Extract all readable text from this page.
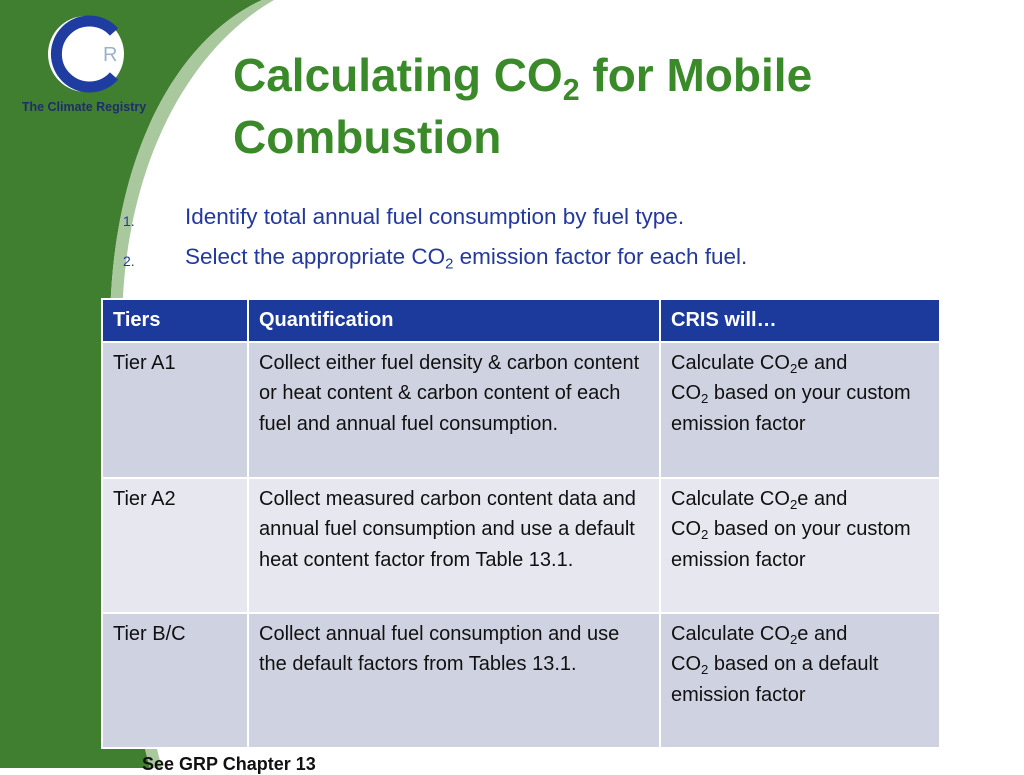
R
The Climate Registry
Calculating $CO_2$ for Mobile
Combustion
1. Identify total annual fuel consumption by fuel type.
2. Select the appropriate $CO_2$ emission factor for each fuel.
Tiers	Quantification	CRIS will…
Tier A1	Collect either fuel density & carbon content or heat content & carbon content of each fuel and annual fuel consumption.	Calculate $CO_2e$ and
$CO_2$ based on your custom emission factor
Tier A2	Collect measured carbon content data and annual fuel consumption and use a default heat content factor from Table 13.1.	Calculate $CO_2e$ and
$CO_2$ based on your custom emission factor
Tier B/C	Collect annual fuel consumption and use the default factors from Tables 13.1.	Calculate $CO_2e$ and
$CO_2$ based on a default emission factor
See GRP Chapter 13
